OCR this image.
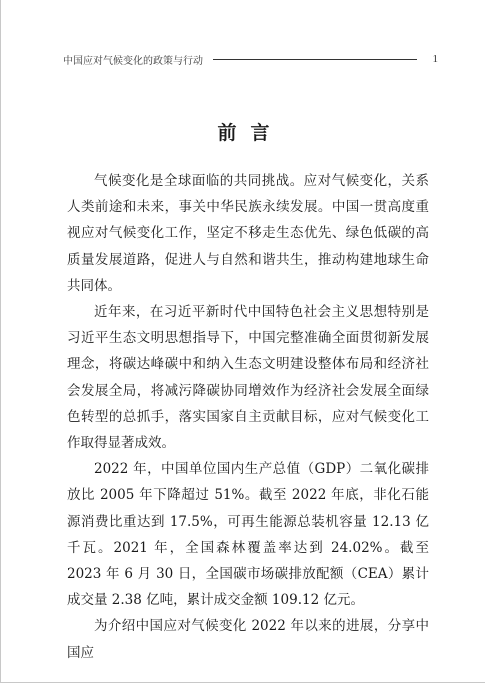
中国应对气候变化的政策与行动	1
前言

气候变化是全球面临的共同挑战。应对气候变化，关系人类前途和未来，事关中华民族永续发展。中国一贯高度重视应对气候变化工作，坚定不移走生态优先、绿色低碳的高质量发展道路，促进人与自然和谐共生，推动构建地球生命共同体。

近年来，在习近平新时代中国特色社会主义思想特别是习近平生态文明思想指导下，中国完整准确全面贯彻新发展理念，将碳达峰碳中和纳入生态文明建设整体布局和经济社会发展全局，将减污降碳协同增效作为经济社会发展全面绿色转型的总抓手，落实国家自主贡献目标，应对气候变化工作取得显著成效。

2022 年，中国单位国内生产总值（GDP）二氧化碳排放比 2005 年下降超过 51%。截至 2022 年底，非化石能源消费比重达到 17.5%，可再生能源总装机容量 12.13 亿千瓦。2021 年，全国森林覆盖率达到 24.02%。截至 2023 年 6 月 30 日，全国碳市场碳排放配额（CEA）累计成交量 2.38 亿吨，累计成交金额 109.12 亿元。

为介绍中国应对气候变化 2022 年以来的进展，分享中国应
